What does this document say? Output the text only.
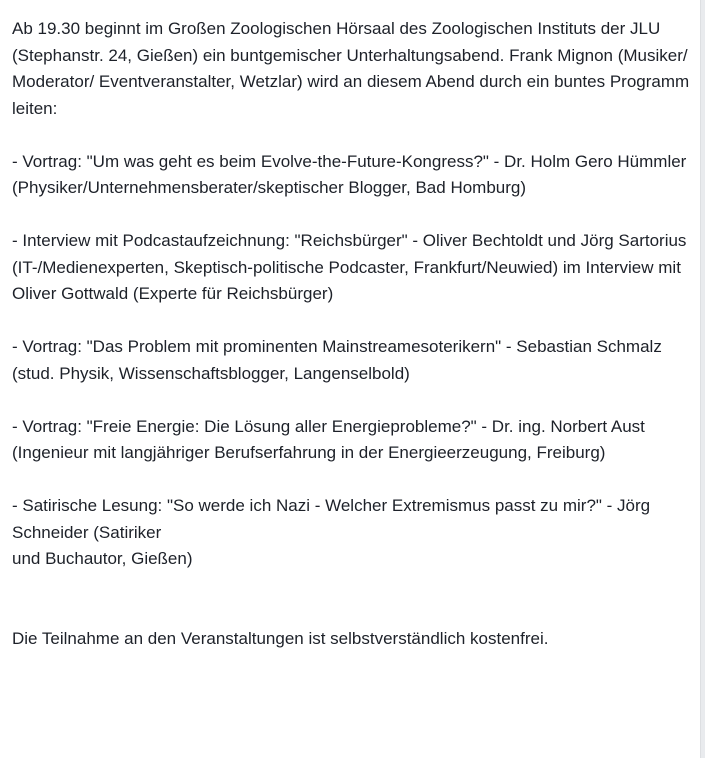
Ab 19.30 beginnt im Großen Zoologischen Hörsaal des Zoologischen Instituts der JLU (Stephanstr. 24, Gießen) ein buntgemischer Unterhaltungsabend. Frank Mignon (Musiker/ Moderator/ Eventveranstalter, Wetzlar) wird an diesem Abend durch ein buntes Programm leiten:

- Vortrag: "Um was geht es beim Evolve-the-Future-Kongress?" - Dr. Holm Gero Hümmler (Physiker/Unternehmensberater/skeptischer Blogger, Bad Homburg)

- Interview mit Podcastaufzeichnung: "Reichsbürger" - Oliver Bechtoldt und Jörg Sartorius (IT-/Medienexperten, Skeptisch-politische Podcaster, Frankfurt/Neuwied) im Interview mit Oliver Gottwald (Experte für Reichsbürger)

- Vortrag: "Das Problem mit prominenten Mainstreamesoterikern" - Sebastian Schmalz (stud. Physik, Wissenschaftsblogger, Langenselbold)

- Vortrag: "Freie Energie: Die Lösung aller Energieprobleme?" - Dr. ing. Norbert Aust (Ingenieur mit langjähriger Berufserfahrung in der Energieerzeugung, Freiburg)

- Satirische Lesung: "So werde ich Nazi - Welcher Extremismus passt zu mir?" - Jörg Schneider (Satiriker
und Buchautor, Gießen)

Die Teilnahme an den Veranstaltungen ist selbstverständlich kostenfrei.
